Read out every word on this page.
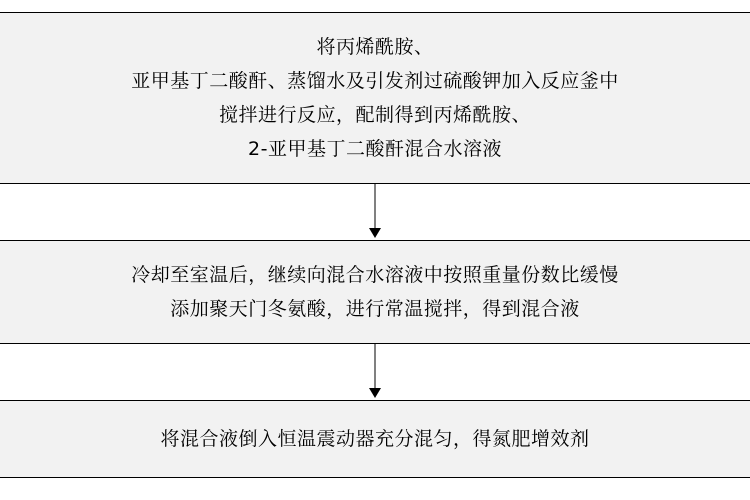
将丙烯酰胺、
亚甲基丁二酸酐、蒸馏水及引发剂过硫酸钾加入反应釜中
搅拌进行反应，配制得到丙烯酰胺、
2-亚甲基丁二酸酐混合水溶液
冷却至室温后，继续向混合水溶液中按照重量份数比缓慢
添加聚天门冬氨酸，进行常温搅拌，得到混合液
将混合液倒入恒温震动器充分混匀，得氮肥增效剂
